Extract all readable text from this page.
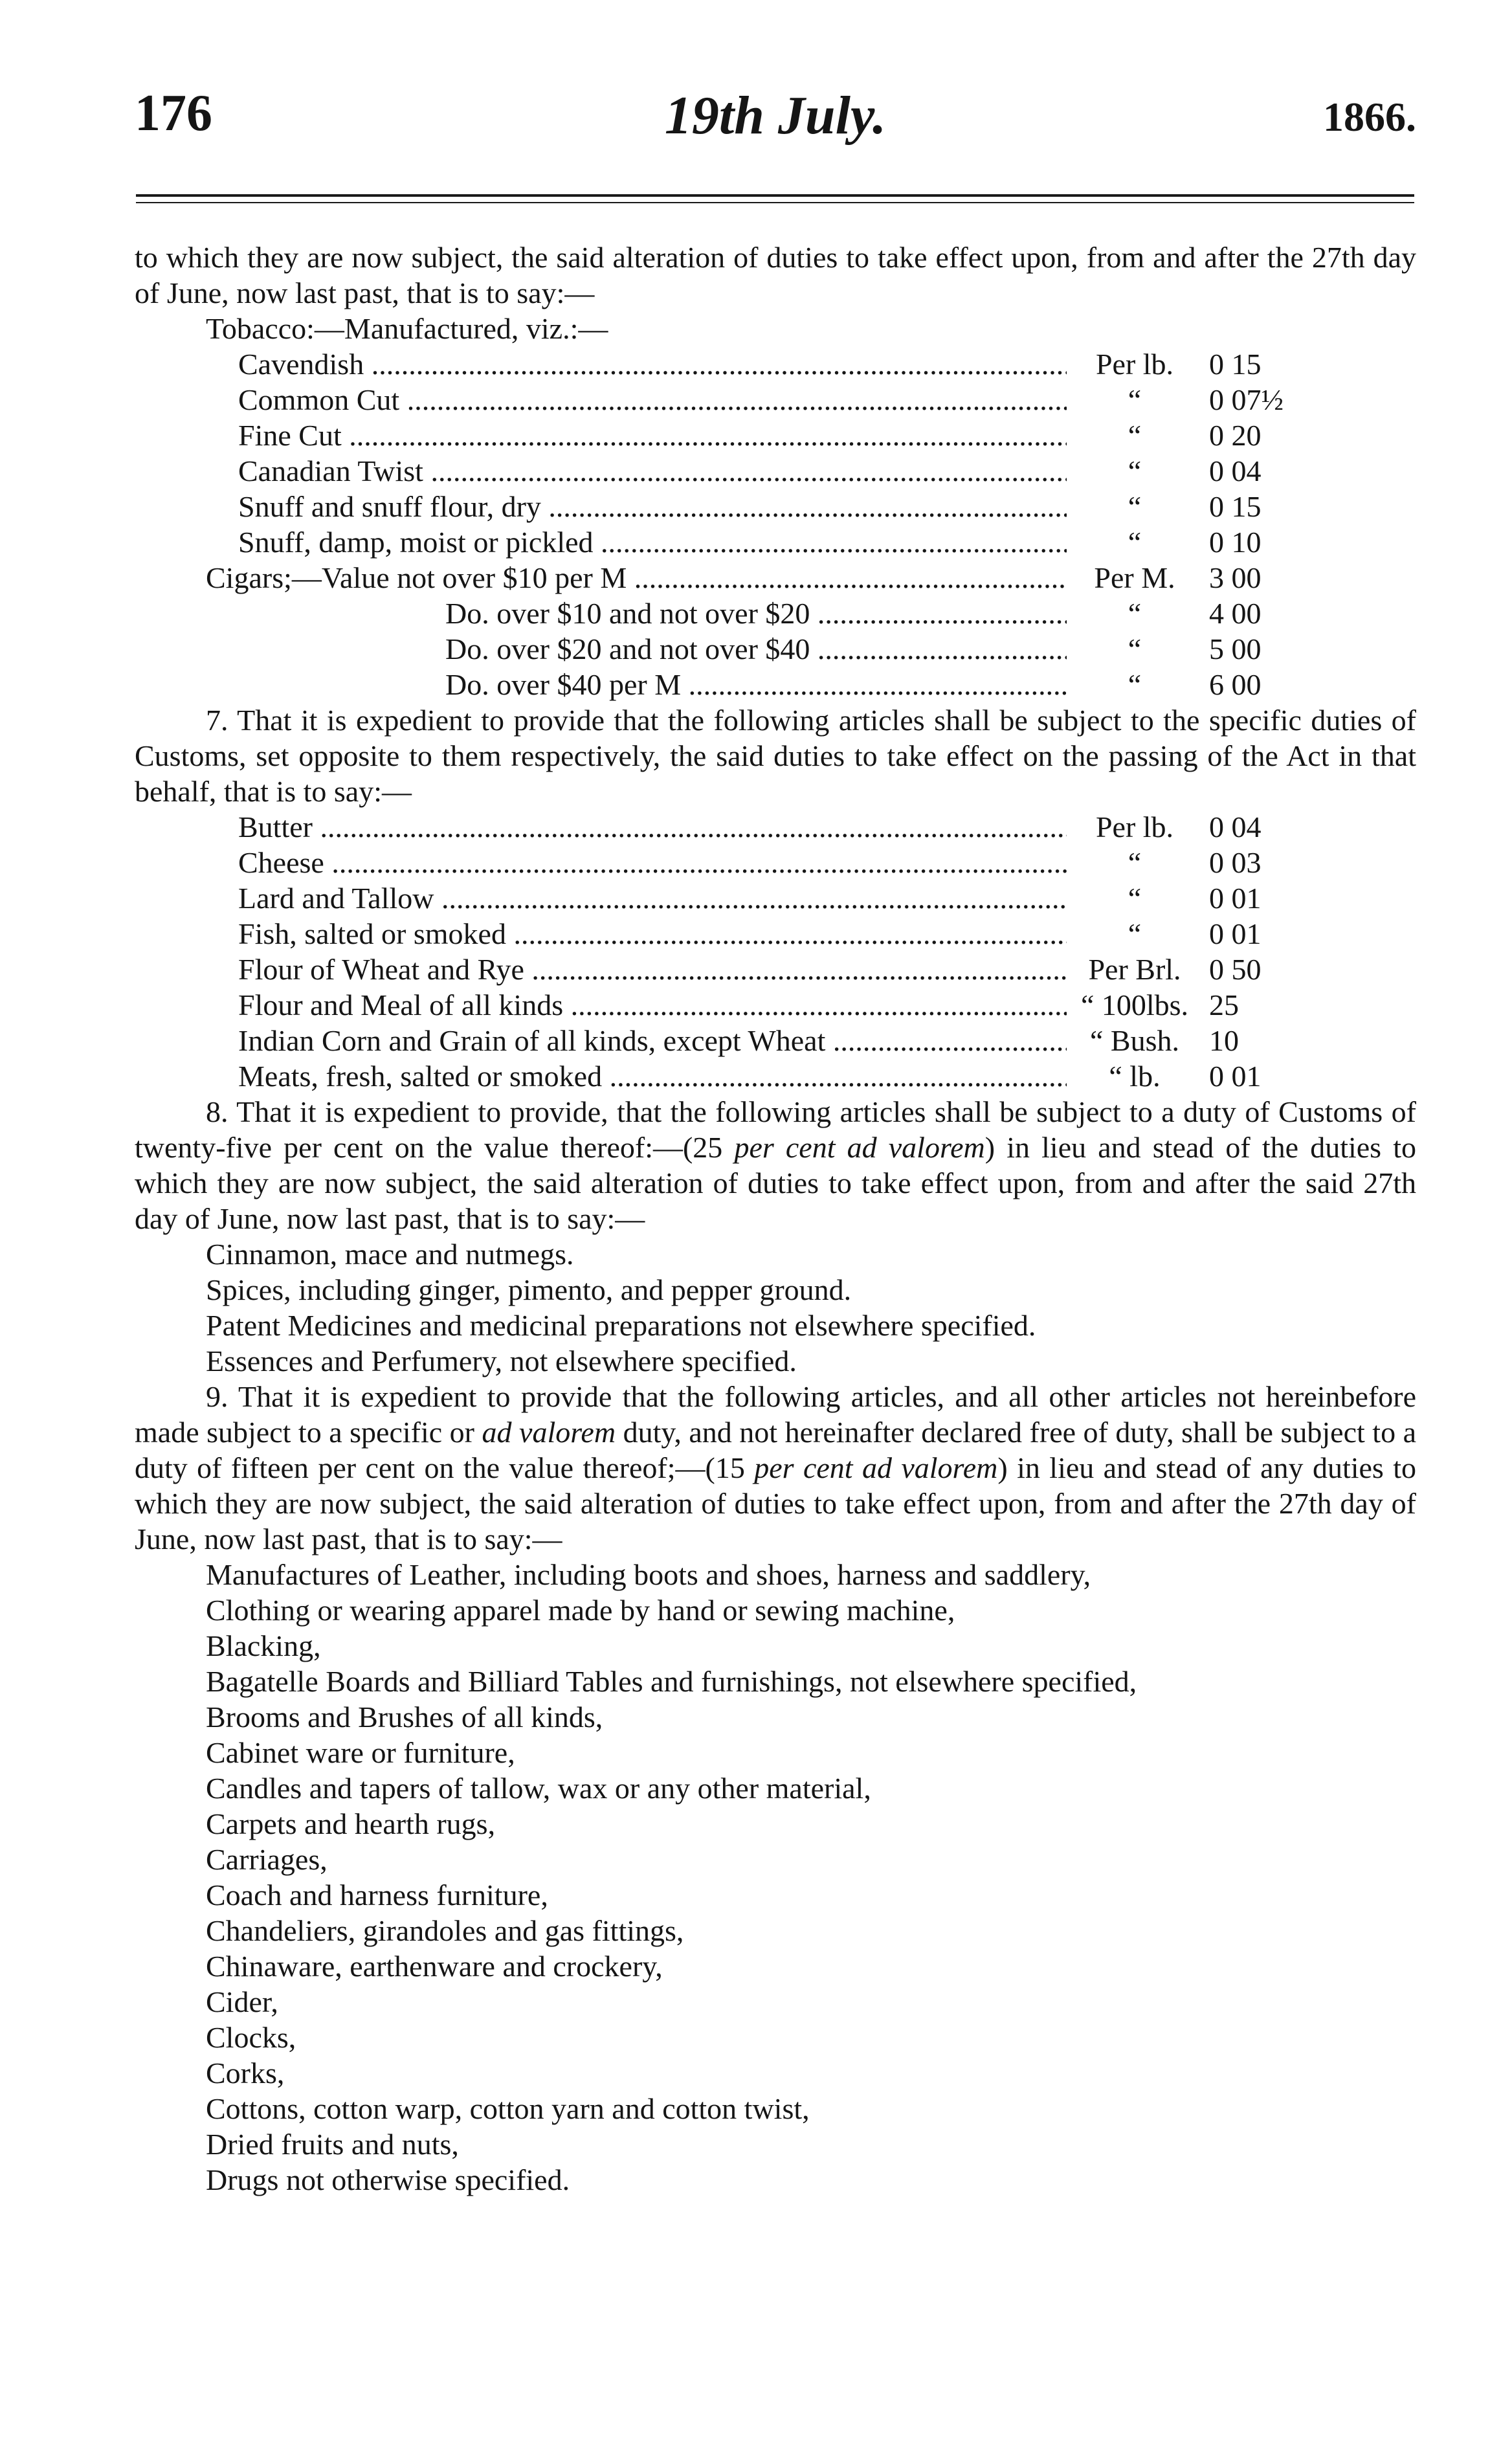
176	19th July.	1866.

to which they are now subject, the said alteration of duties to take effect upon, from and after the 27th day of June, now last past, that is to say:—

Tobacco:—Manufactured, viz.:—

Cavendish .....	Per lb.	0 15
Common Cut .....	“	0 07½
Fine Cut .....	“	0 20
Canadian Twist .....	“	0 04
Snuff and snuff flour, dry .....	“	0 15
Snuff, damp, moist or pickled .....	“	0 10
Cigars;—Value not over $10 per M .....	Per M.	3 00
Do. over $10 and not over $20 .....	“	4 00
Do. over $20 and not over $40 .....	“	5 00
Do. over $40 per M .....	“	6 00

7. That it is expedient to provide that the following articles shall be subject to the specific duties of Customs, set opposite to them respectively, the said duties to take effect on the passing of the Act in that behalf, that is to say:—

Butter .....	Per lb.	0 04
Cheese .....	“	0 03
Lard and Tallow .....	“	0 01
Fish, salted or smoked .....	“	0 01
Flour of Wheat and Rye .....	Per Brl. 0 50
Flour and Meal of all kinds .....	“ 100lbs. 25
Indian Corn and Grain of all kinds, except Wheat .....	“ Bush.	10
Meats, fresh, salted or smoked .....	“ lb.	0 01

8. That it is expedient to provide, that the following articles shall be subject to a duty of Customs of twenty-five per cent on the value thereof:—(25 per cent ad valorem) in lieu and stead of the duties to which they are now subject, the said alteration of duties to take effect upon, from and after the said 27th day of June, now last past, that is to say:—

Cinnamon, mace and nutmegs.
Spices, including ginger, pimento, and pepper ground.
Patent Medicines and medicinal preparations not elsewhere specified.
Essences and Perfumery, not elsewhere specified.

9. That it is expedient to provide that the following articles, and all other articles not hereinbefore made subject to a specific or ad valorem duty, and not hereinafter declared free of duty, shall be subject to a duty of fifteen per cent on the value thereof;—(15 per cent ad valorem) in lieu and stead of any duties to which they are now subject, the said alteration of duties to take effect upon, from and after the 27th day of June, now last past, that is to say:—

Manufactures of Leather, including boots and shoes, harness and saddlery,
Clothing or wearing apparel made by hand or sewing machine,
Blacking,
Bagatelle Boards and Billiard Tables and furnishings, not elsewhere specified,
Brooms and Brushes of all kinds,
Cabinet ware or furniture,
Candles and tapers of tallow, wax or any other material,
Carpets and hearth rugs,
Carriages,
Coach and harness furniture,
Chandeliers, girandoles and gas fittings,
Chinaware, earthenware and crockery,
Cider,
Clocks,
Corks,
Cottons, cotton warp, cotton yarn and cotton twist,
Dried fruits and nuts,
Drugs not otherwise specified.
